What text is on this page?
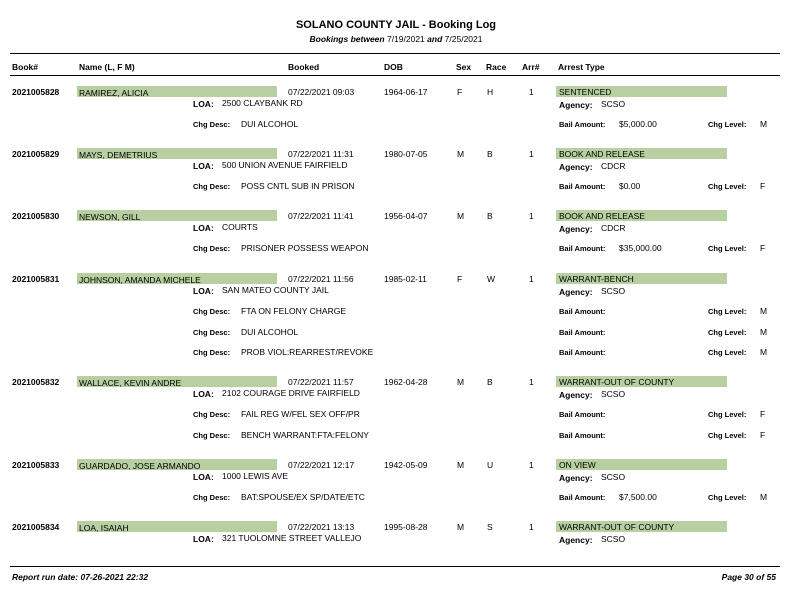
SOLANO COUNTY JAIL - Booking Log
Bookings between 7/19/2021 and 7/25/2021
Book#	Name (L, F M)	Booked	DOB	Sex Race Arr# Arrest Type
2021005828 RAMIREZ, ALICIA	07/22/2021 09:03	1964-06-17	F	H	1	SENTENCED
LOA: 2500 CLAYBANK RD	Agency: SCSO
Chg Desc: DUI ALCOHOL	Bail Amount: $5,000.00	Chg Level: M
2021005829 MAYS, DEMETRIUS	07/22/2021 11:31	1980-07-05	M	B	1	BOOK AND RELEASE
LOA: 500 UNION AVENUE FAIRFIELD	Agency: CDCR
Chg Desc: POSS CNTL SUB IN PRISON	Bail Amount: $0.00	Chg Level: F
2021005830 NEWSON, GILL	07/22/2021 11:41	1956-04-07	M	B	1	BOOK AND RELEASE
LOA: COURTS	Agency: CDCR
Chg Desc: PRISONER POSSESS WEAPON	Bail Amount: $35,000.00	Chg Level: F
2021005831 JOHNSON, AMANDA MICHELE	07/22/2021 11:56	1985-02-11	F	W	1	WARRANT-BENCH
LOA: SAN MATEO COUNTY JAIL	Agency: SCSO
Chg Desc: FTA ON FELONY CHARGE	Bail Amount:	Chg Level: M
Chg Desc: DUI ALCOHOL	Bail Amount:	Chg Level: M
Chg Desc: PROB VIOL:REARREST/REVOKE	Bail Amount:	Chg Level: M
2021005832 WALLACE, KEVIN ANDRE	07/22/2021 11:57	1962-04-28	M	B	1	WARRANT-OUT OF COUNTY
LOA: 2102 COURAGE DRIVE FAIRFIELD	Agency: SCSO
Chg Desc: FAIL REG W/FEL SEX OFF/PR	Bail Amount:	Chg Level: F
Chg Desc: BENCH WARRANT:FTA:FELONY	Bail Amount:	Chg Level: F
2021005833 GUARDADO, JOSE ARMANDO	07/22/2021 12:17	1942-05-09	M	U	1	ON VIEW
LOA: 1000 LEWIS AVE	Agency: SCSO
Chg Desc: BAT:SPOUSE/EX SP/DATE/ETC	Bail Amount: $7,500.00	Chg Level: M
2021005834 LOA, ISAIAH	07/22/2021 13:13	1995-08-28	M	S	1	WARRANT-OUT OF COUNTY
LOA: 321 TUOLOMNE STREET VALLEJO	Agency: SCSO
Report run date: 07-26-2021 22:32	Page 30 of 55
